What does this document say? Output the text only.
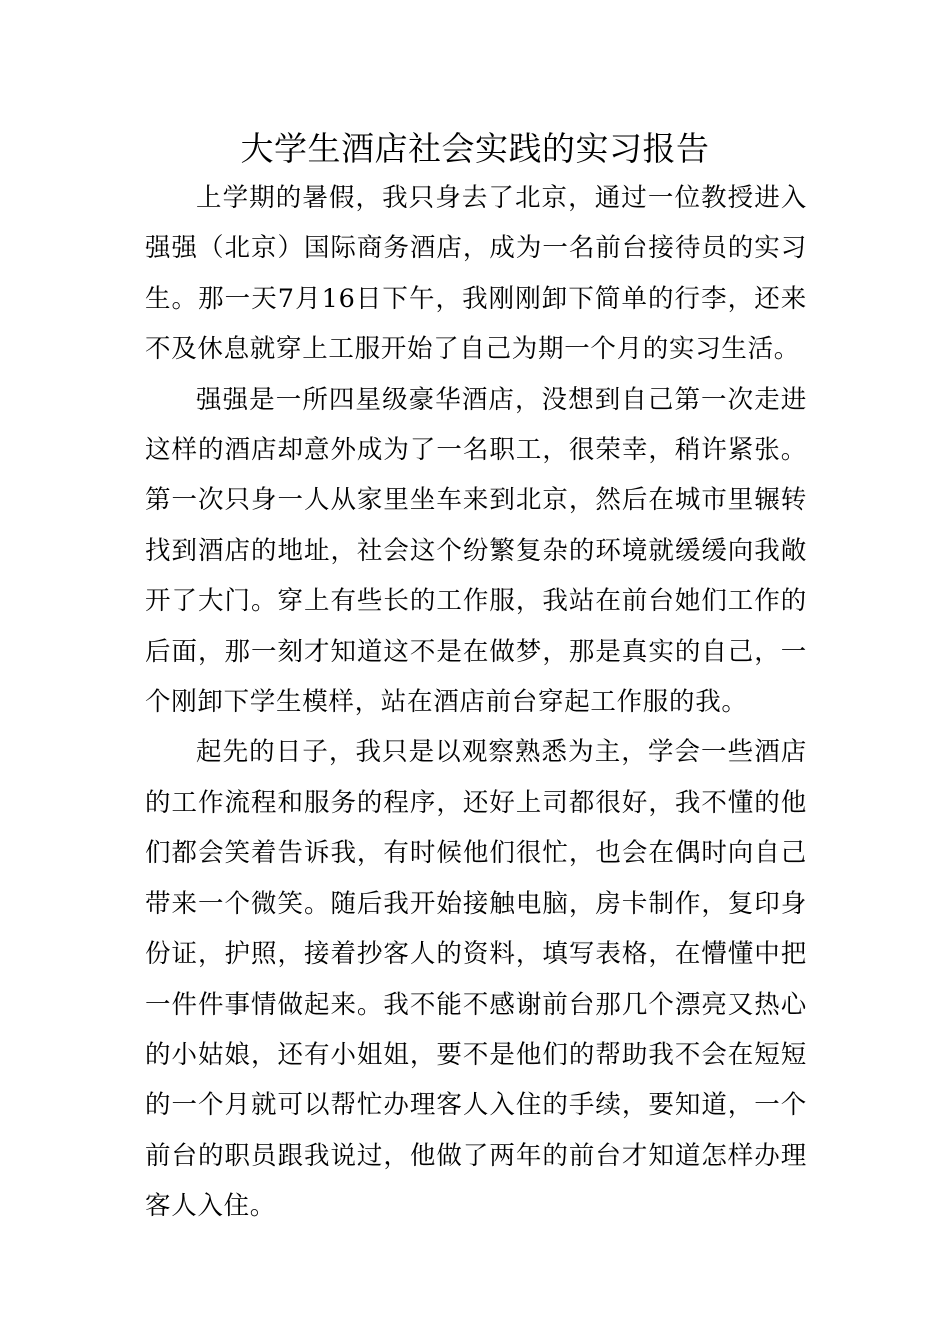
大学生酒店社会实践的实习报告

上学期的暑假，我只身去了北京，通过一位教授进入强强（北京）国际商务酒店，成为一名前台接待员的实习生。那一天7月16日下午，我刚刚卸下简单的行李，还来不及休息就穿上工服开始了自己为期一个月的实习生活。

强强是一所四星级豪华酒店，没想到自己第一次走进这样的酒店却意外成为了一名职工，很荣幸，稍许紧张。第一次只身一人从家里坐车来到北京，然后在城市里辗转找到酒店的地址，社会这个纷繁复杂的环境就缓缓向我敞开了大门。穿上有些长的工作服，我站在前台她们工作的后面，那一刻才知道这不是在做梦，那是真实的自己，一个刚卸下学生模样，站在酒店前台穿起工作服的我。

起先的日子，我只是以观察熟悉为主，学会一些酒店的工作流程和服务的程序，还好上司都很好，我不懂的他们都会笑着告诉我，有时候他们很忙，也会在偶时向自己带来一个微笑。随后我开始接触电脑，房卡制作，复印身份证，护照，接着抄客人的资料，填写表格，在懵懂中把一件件事情做起来。我不能不感谢前台那几个漂亮又热心的小姑娘，还有小姐姐，要不是他们的帮助我不会在短短的一个月就可以帮忙办理客人入住的手续，要知道，一个前台的职员跟我说过，他做了两年的前台才知道怎样办理客人入住。
